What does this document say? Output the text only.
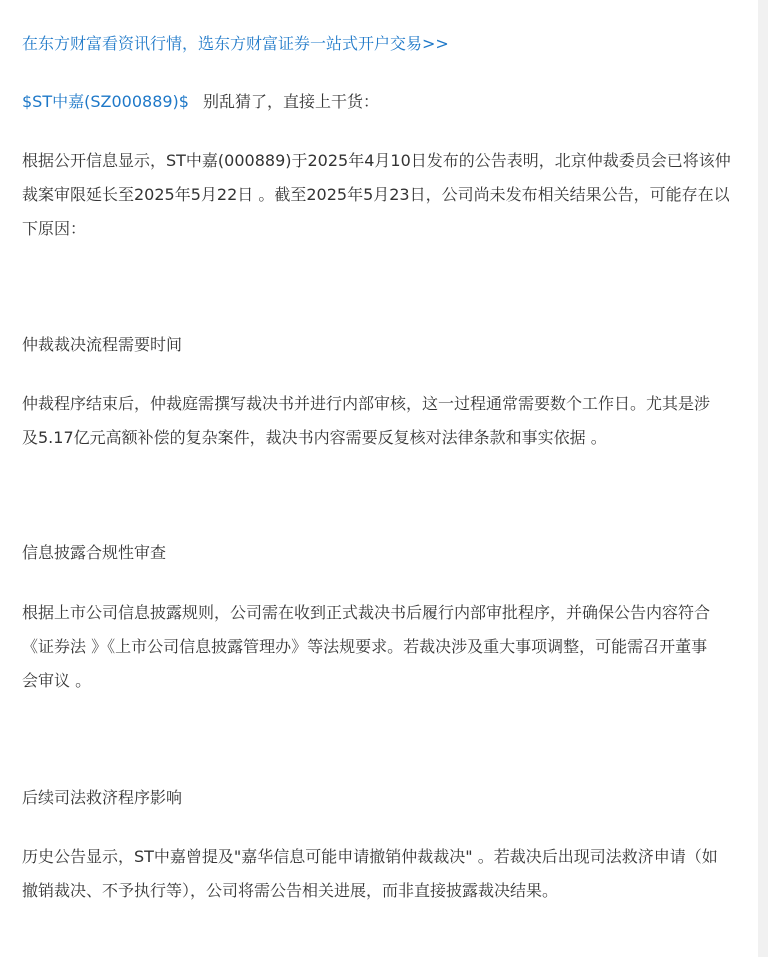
在东方财富看资讯行情，选东方财富证券一站式开户交易>>
$ST中嘉(SZ000889)$ 别乱猜了，直接上干货：
根据公开信息显示，ST中嘉(000889)于2025年4月10日发布的公告表明，北京仲裁委员会已将该仲
裁案审限延长至2025年5月22日 。截至2025年5月23日，公司尚未发布相关结果公告，可能存在以
下原因：
仲裁裁决流程需要时间
仲裁程序结束后，仲裁庭需撰写裁决书并进行内部审核，这一过程通常需要数个工作日。尤其是涉
及5.17亿元高额补偿的复杂案件，裁决书内容需要反复核对法律条款和事实依据 。
信息披露合规性审查
根据上市公司信息披露规则，公司需在收到正式裁决书后履行内部审批程序，并确保公告内容符合
《证券法 》《上市公司信息披露管理办》等法规要求。若裁决涉及重大事项调整，可能需召开董事
会审议 。
后续司法救济程序影响
历史公告显示，ST中嘉曾提及"嘉华信息可能申请撤销仲裁裁决" 。若裁决后出现司法救济申请（如
撤销裁决、不予执行等），公司将需公告相关进展，而非直接披露裁决结果。
